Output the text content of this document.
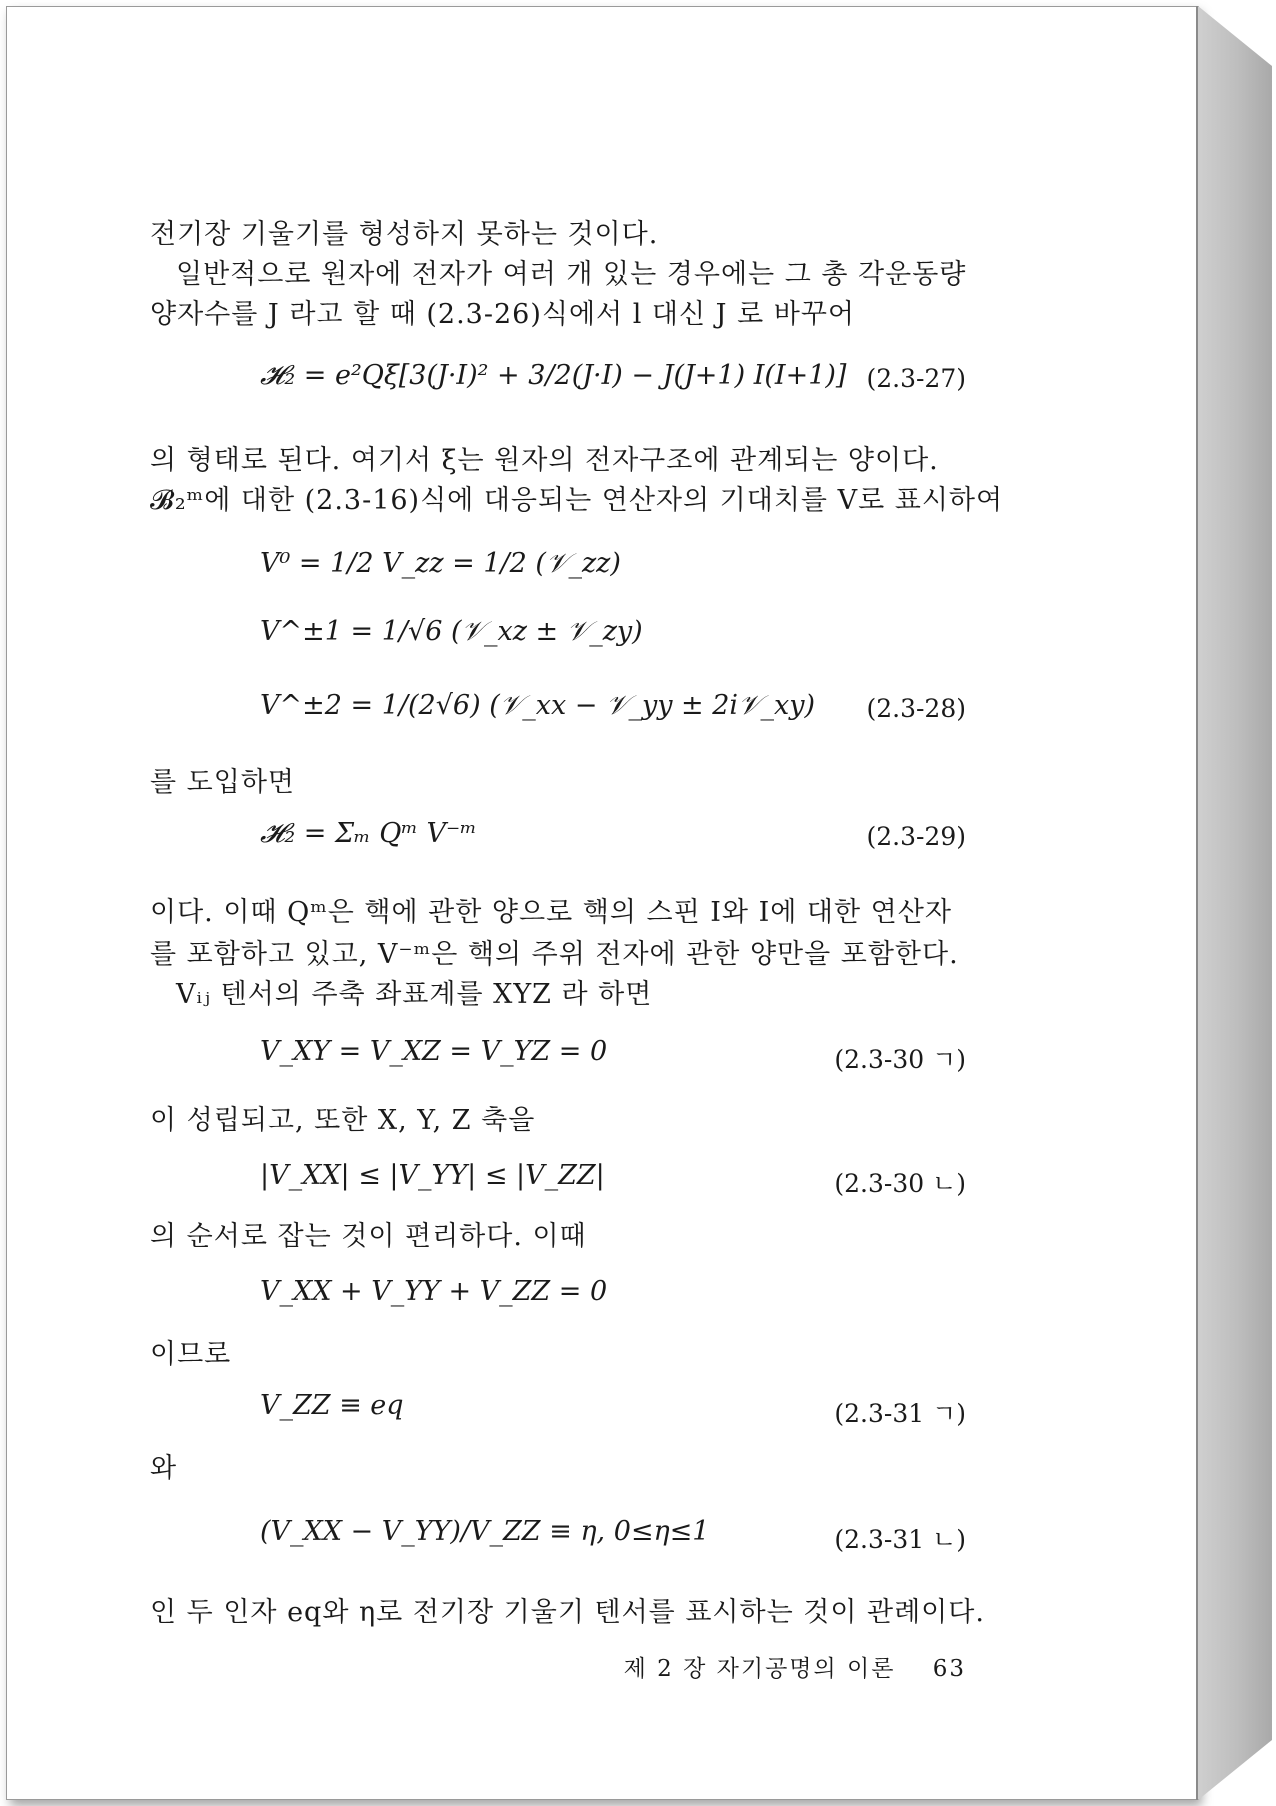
전기장 기울기를 형성하지 못하는 것이다.
일반적으로 원자에 전자가 여러 개 있는 경우에는 그 총 각운동량
양자수를 J 라고 할 때 (2.3-26)식에서 l 대신 J 로 바꾸어
𝓗₂ = e²Qξ[3(J·I)² + 3/2(J·I) − J(J+1) I(I+1)] (2.3-27)
의 형태로 된다. 여기서 ξ는 원자의 전자구조에 관계되는 양이다.
𝓑₂ᵐ에 대한 (2.3-16)식에 대응되는 연산자의 기대치를 V로 표시하여
V⁰ = 1/2 V_zz = 1/2 (𝒱_zz)
V^±1 = 1/√6 (𝒱_xz ± 𝒱_zy)
V^±2 = 1/(2√6) (𝒱_xx − 𝒱_yy ± 2i𝒱_xy) (2.3-28)
를 도입하면
𝓗₂ = Σₘ Qᵐ V⁻ᵐ	(2.3-29)
이다. 이때 Qᵐ은 핵에 관한 양으로 핵의 스핀 I와 I에 대한 연산자
를 포함하고 있고, V⁻ᵐ은 핵의 주위 전자에 관한 양만을 포함한다.
Vᵢⱼ 텐서의 주축 좌표계를 XYZ 라 하면
V_XY = V_XZ = V_YZ = 0	(2.3-30 ㄱ)
이 성립되고, 또한 X, Y, Z 축을
|V_XX| ≤ |V_YY| ≤ |V_ZZ|	(2.3-30 ㄴ)
의 순서로 잡는 것이 편리하다. 이때
V_XX + V_YY + V_ZZ = 0
이므로
V_ZZ ≡ eq	(2.3-31 ㄱ)
와
(V_XX − V_YY)/V_ZZ ≡ η, 0≤η≤1	(2.3-31 ㄴ)
인 두 인자 eq와 η로 전기장 기울기 텐서를 표시하는 것이 관례이다.
제 2 장 자기공명의 이론 63
